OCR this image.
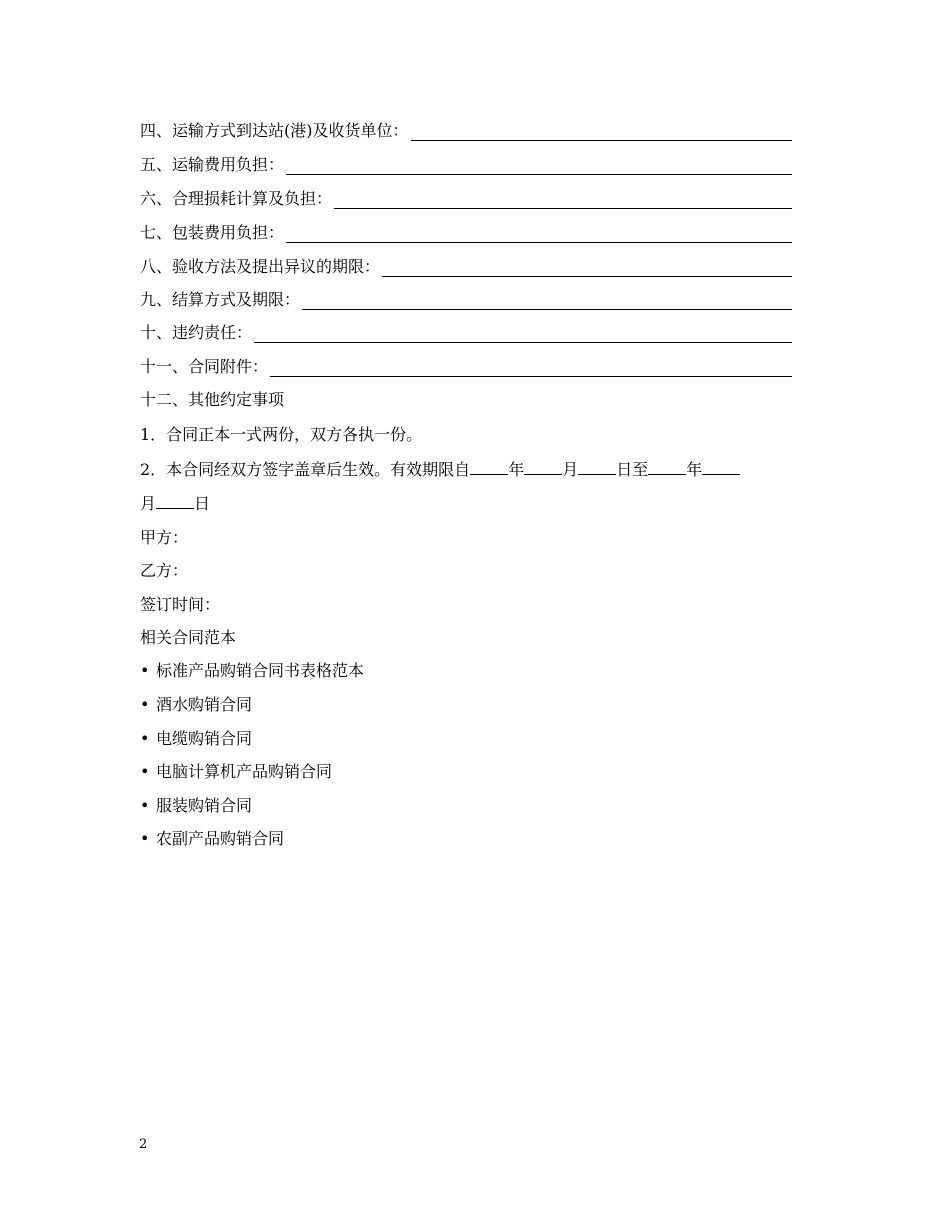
四、运输方式到达站(港)及收货单位：
五、运输费用负担：
六、合理损耗计算及负担：
七、包装费用负担：
八、验收方法及提出异议的期限：
九、结算方式及期限：
十、违约责任：
十一、合同附件：
十二、其他约定事项
1．合同正本一式两份，双方各执一份。
2．本合同经双方签字盖章后生效。有效期限自 年 月 日至 年
月 日
甲方：
乙方：
签订时间：
相关合同范本
• 标准产品购销合同书表格范本
• 酒水购销合同
• 电缆购销合同
• 电脑计算机产品购销合同
• 服装购销合同
• 农副产品购销合同
2
